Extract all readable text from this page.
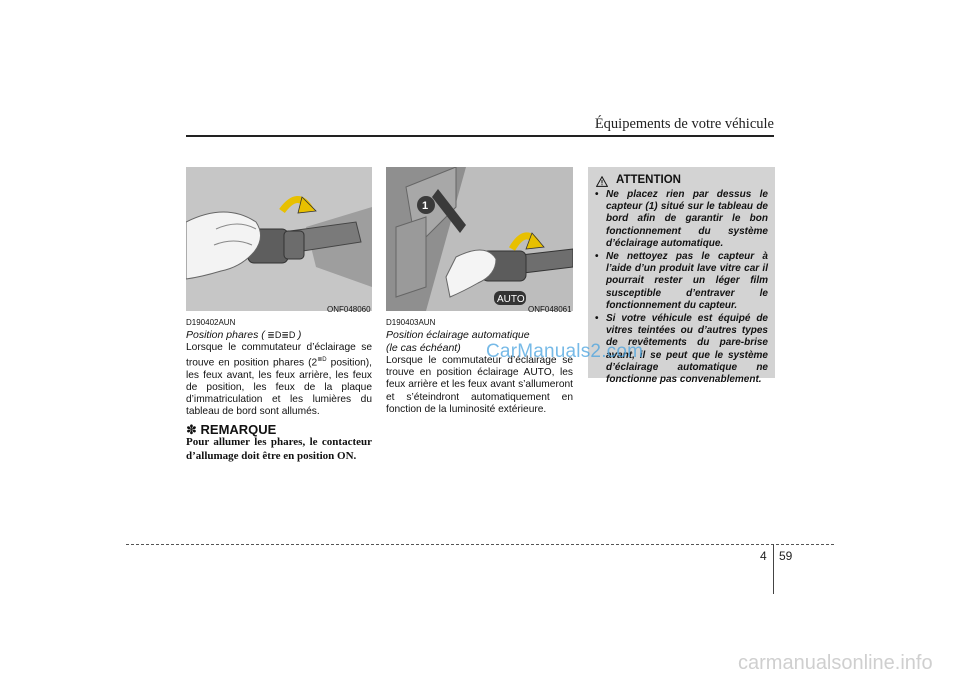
Équipements de votre véhicule
ONF048060
D190402AUN
Position phares ( ≣D≣D )
Lorsque le commutateur d’éclairage se trouve en position phares ($2^{≣D}$ position), les feux avant, les feux arrière, les feux de position, les feux de la plaque d’immatriculation et les lumières du tableau de bord sont allumés.
✽ REMARQUE
Pour allumer les phares, le contacteur d’allumage doit être en position ON.
1
AUTO
ONF048061
D190403AUN
Position éclairage automatique
(le cas échéant)
Lorsque le commutateur d’éclairage se trouve en position éclairage AUTO, les feux arrière et les feux avant s’allumeront et s’éteindront automatiquement en fonction de la luminosité extérieure.
ATTENTION
• Ne placez rien par dessus le capteur (1) situé sur le tableau de bord afin de garantir le bon fonctionnement du système d’éclairage automatique.
• Ne nettoyez pas le capteur à l’aide d’un produit lave vitre car il pourrait rester un léger film susceptible d’entraver le fonctionnement du capteur.
• Si votre véhicule est équipé de vitres teintées ou d’autres types de revêtements du pare-brise avant, il se peut que le système d’éclairage automatique ne fonctionne pas convenablement.
CarManuals2.com
4 59
carmanualsonline.info
